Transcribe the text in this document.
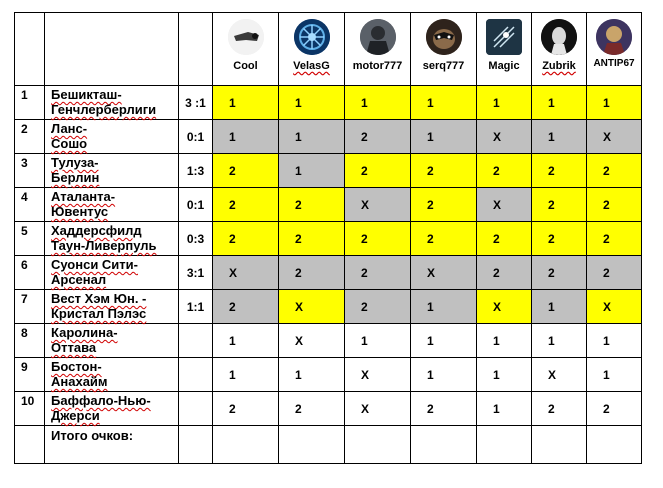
			Cool	VelasG	motor777	serq777	Magic	Zubrik	ANTIP67

1	Бешикташ-
Генчлерберлиги	3 :1	1	1	1	1	1	1	1
2	Ланс-
Сошо	0:1	1	1	2	1	X	1	X
3	Тулуза-
Берлин	1:3	2	1	2	2	2	2	2
4	Аталанта-
Ювентус	0:1	2	2	X	2	X	2	2
5	Хаддерсфилд
Таун-Ливерпуль	0:3	2	2	2	2	2	2	2
6	Суонси Сити-
Арсенал	3:1	X	2	2	X	2	2	2
7	Вест Хэм Юн. -
Кристал Пэлэс	1:1	2	X	2	1	X	1	X
8	Каролина-
Оттава		1	X	1	1	1	1	1
9	Бостон-
Анахайм		1	1	X	1	1	X	1
10	Баффало-Нью-
Джерси		2	2	X	2	1	2	2
	Итого очков:								
